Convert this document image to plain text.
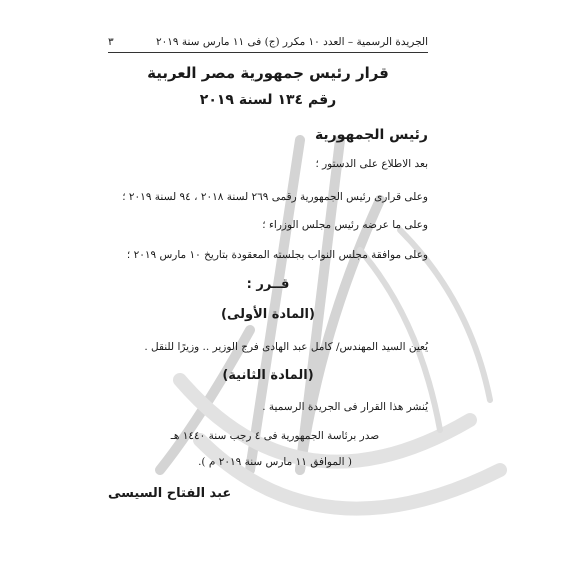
الجريدة الرسمية – العدد ١٠ مكرر (ج) فى ١١ مارس سنة ٢٠١٩
٣
قرار رئيس جمهورية مصر العربية
رقم ١٣٤ لسنة ٢٠١٩
رئيس الجمهورية
بعد الاطلاع على الدستور ؛
وعلى قرارى رئيس الجمهورية رقمى ٢٦٩ لسنة ٢٠١٨ ، ٩٤ لسنة ٢٠١٩ ؛
وعلى ما عرضه رئيس مجلس الوزراء ؛
وعلى موافقة مجلس النواب بجلسته المعقودة بتاريخ ١٠ مارس ٢٠١٩ ؛
قــرر :
(المادة الأولى)
يُعين السيد المهندس/ كامل عبد الهادى فرج الوزير .. وزيرًا للنقل .
(المادة الثانية)
يُنشر هذا القرار فى الجريدة الرسمية .
صدر برئاسة الجمهورية فى ٤ رجب سنة ١٤٤٠ هـ
( الموافق ١١ مارس سنة ٢٠١٩ م ).
عبد الفتاح السيسى
